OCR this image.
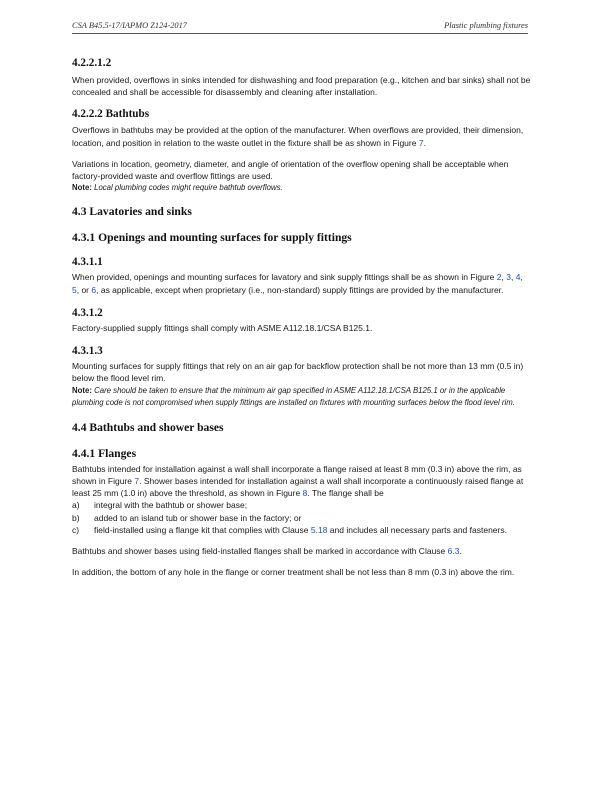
CSA B45.5-17/IAPMO Z124-2017	Plastic plumbing fixtures
4.2.2.1.2

When provided, overflows in sinks intended for dishwashing and food preparation (e.g., kitchen and bar sinks) shall not be concealed and shall be accessible for disassembly and cleaning after installation.

4.2.2.2 Bathtubs

Overflows in bathtubs may be provided at the option of the manufacturer. When overflows are provided, their dimension, location, and position in relation to the waste outlet in the fixture shall be as shown in Figure 7.

Variations in location, geometry, diameter, and angle of orientation of the overflow opening shall be acceptable when factory-provided waste and overflow fittings are used.

Note: Local plumbing codes might require bathtub overflows.

4.3 Lavatories and sinks
4.3.1 Openings and mounting surfaces for supply fittings
4.3.1.1

When provided, openings and mounting surfaces for lavatory and sink supply fittings shall be as shown in Figure 2, 3, 4, 5, or 6, as applicable, except when proprietary (i.e., non-standard) supply fittings are provided by the manufacturer.

4.3.1.2

Factory-supplied supply fittings shall comply with ASME A112.18.1/CSA B125.1.

4.3.1.3

Mounting surfaces for supply fittings that rely on an air gap for backflow protection shall be not more than 13 mm (0.5 in) below the flood level rim.

Note: Care should be taken to ensure that the minimum air gap specified in ASME A112.18.1/CSA B125.1 or in the applicable plumbing code is not compromised when supply fittings are installed on fixtures with mounting surfaces below the flood level rim.

4.4 Bathtubs and shower bases
4.4.1 Flanges

Bathtubs intended for installation against a wall shall incorporate a flange raised at least 8 mm (0.3 in) above the rim, as shown in Figure 7. Shower bases intended for installation against a wall shall incorporate a continuously raised flange at least 25 mm (1.0 in) above the threshold, as shown in Figure 8. The flange shall be

a)	integral with the bathtub or shower base;
b)	added to an island tub or shower base in the factory; or
c)	field-installed using a flange kit that complies with Clause 5.18 and includes all necessary parts and fasteners.

Bathtubs and shower bases using field-installed flanges shall be marked in accordance with Clause 6.3.

In addition, the bottom of any hole in the flange or corner treatment shall be not less than 8 mm (0.3 in) above the rim.
